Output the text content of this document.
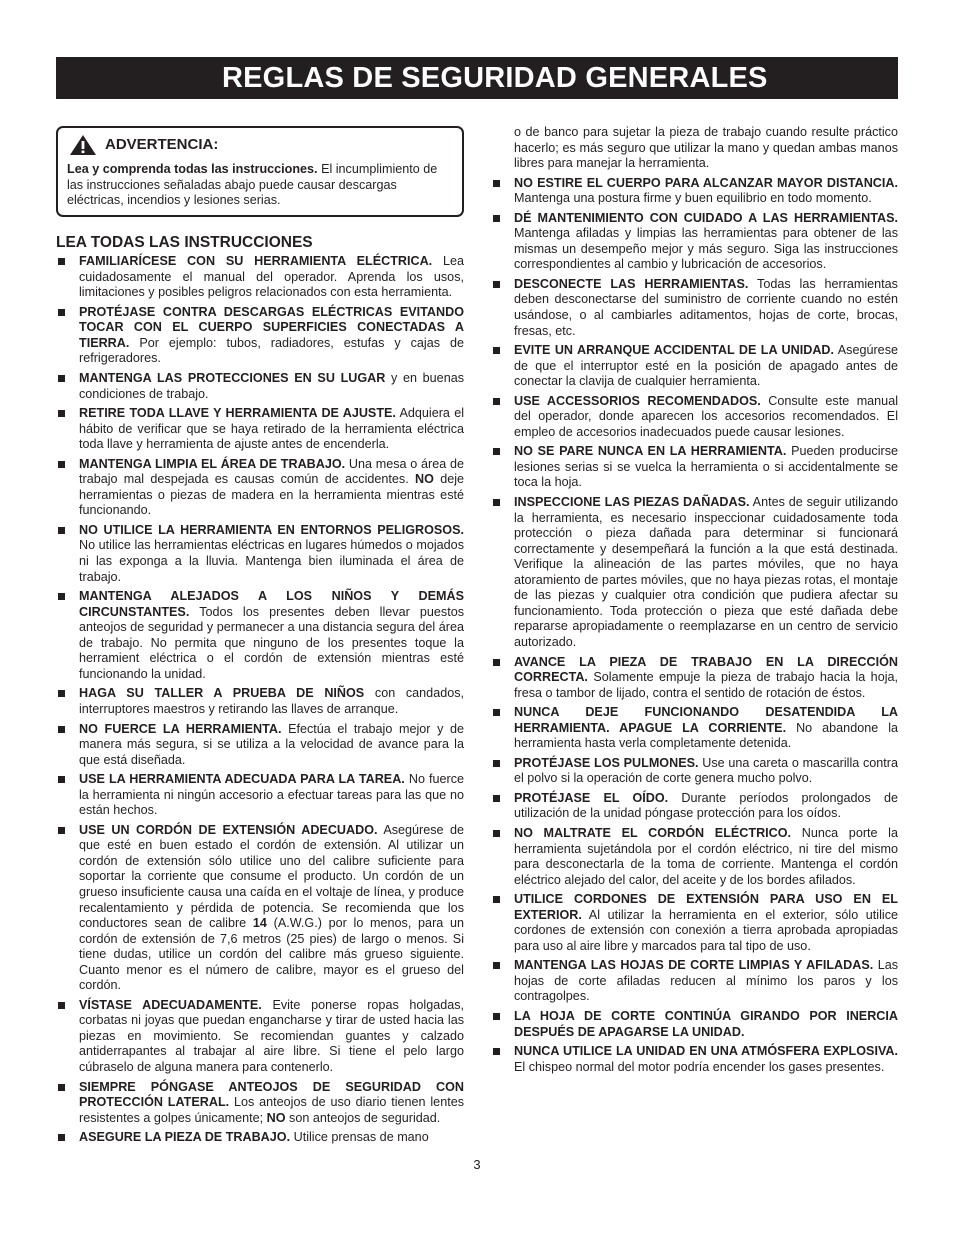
REGLAS DE SEGURIDAD GENERALES
ADVERTENCIA:
Lea y comprenda todas las instrucciones. El incumplimiento de las instrucciones señaladas abajo puede causar descargas eléctricas, incendios y lesiones serias.
LEA TODAS LAS INSTRUCCIONES
FAMILIARÍCESE CON SU HERRAMIENTA ELÉCTRICA. Lea cuidadosamente el manual del operador. Aprenda los usos, limitaciones y posibles peligros relacionados con esta herramienta.
PROTÉJASE CONTRA DESCARGAS ELÉCTRICAS EVITANDO TOCAR CON EL CUERPO SUPERFICIES CONECTADAS A TIERRA. Por ejemplo: tubos, radiadores, estufas y cajas de refrigeradores.
MANTENGA LAS PROTECCIONES EN SU LUGAR y en buenas condiciones de trabajo.
RETIRE TODA LLAVE Y HERRAMIENTA DE AJUSTE. Adquiera el hábito de verificar que se haya retirado de la herramienta eléctrica toda llave y herramienta de ajuste antes de encenderla.
MANTENGA LIMPIA EL ÁREA DE TRABAJO. Una mesa o área de trabajo mal despejada es causas común de accidentes. NO deje herramientas o piezas de madera en la herramienta mientras esté funcionando.
NO UTILICE LA HERRAMIENTA EN ENTORNOS PELIGROSOS. No utilice las herramientas eléctricas en lugares húmedos o mojados ni las exponga a la lluvia. Mantenga bien iluminada el área de trabajo.
MANTENGA ALEJADOS A LOS NIÑOS Y DEMÁS CIRCUNSTANTES. Todos los presentes deben llevar puestos anteojos de seguridad y permanecer a una distancia segura del área de trabajo. No permita que ninguno de los presentes toque la herramient eléctrica o el cordón de extensión mientras esté funcionando la unidad.
HAGA SU TALLER A PRUEBA DE NIÑOS con candados, interruptores maestros y retirando las llaves de arranque.
NO FUERCE LA HERRAMIENTA. Efectúa el trabajo mejor y de manera más segura, si se utiliza a la velocidad de avance para la que está diseñada.
USE LA HERRAMIENTA ADECUADA PARA LA TAREA. No fuerce la herramienta ni ningún accesorio a efectuar tareas para las que no están hechos.
USE UN CORDÓN DE EXTENSIÓN ADECUADO. Asegúrese de que esté en buen estado el cordón de extensión. Al utilizar un cordón de extensión sólo utilice uno del calibre suficiente para soportar la corriente que consume el producto. Un cordón de un grueso insuficiente causa una caída en el voltaje de línea, y produce recalentamiento y pérdida de potencia. Se recomienda que los conductores sean de calibre 14 (A.W.G.) por lo menos, para un cordón de extensión de 7,6 metros (25 pies) de largo o menos. Si tiene dudas, utilice un cordón del calibre más grueso siguiente. Cuanto menor es el número de calibre, mayor es el grueso del cordón.
VÍSTASE ADECUADAMENTE. Evite ponerse ropas holgadas, corbatas ni joyas que puedan engancharse y tirar de usted hacia las piezas en movimiento. Se recomiendan guantes y calzado antiderrapantes al trabajar al aire libre. Si tiene el pelo largo cúbraselo de alguna manera para contenerlo.
SIEMPRE PÓNGASE ANTEOJOS DE SEGURIDAD CON PROTECCIÓN LATERAL. Los anteojos de uso diario tienen lentes resistentes a golpes únicamente; NO son anteojos de seguridad.
ASEGURE LA PIEZA DE TRABAJO. Utilice prensas de mano
o de banco para sujetar la pieza de trabajo cuando resulte práctico hacerlo; es más seguro que utilizar la mano y quedan ambas manos libres para manejar la herramienta.
NO ESTIRE EL CUERPO PARA ALCANZAR MAYOR DISTANCIA. Mantenga una postura firme y buen equilibrio en todo momento.
DÉ MANTENIMIENTO CON CUIDADO A LAS HERRAMIENTAS. Mantenga afiladas y limpias las herramientas para obtener de las mismas un desempeño mejor y más seguro. Siga las instrucciones correspondientes al cambio y lubricación de accesorios.
DESCONECTE LAS HERRAMIENTAS. Todas las herramientas deben desconectarse del suministro de corriente cuando no estén usándose, o al cambiarles aditamentos, hojas de corte, brocas, fresas, etc.
EVITE UN ARRANQUE ACCIDENTAL DE LA UNIDAD. Asegúrese de que el interruptor esté en la posición de apagado antes de conectar la clavija de cualquier herramienta.
USE ACCESSORIOS RECOMENDADOS. Consulte este manual del operador, donde aparecen los accesorios recomendados. El empleo de accesorios inadecuados puede causar lesiones.
NO SE PARE NUNCA EN LA HERRAMIENTA. Pueden producirse lesiones serias si se vuelca la herramienta o si accidentalmente se toca la hoja.
INSPECCIONE LAS PIEZAS DAÑADAS. Antes de seguir utilizando la herramienta, es necesario inspeccionar cuidadosamente toda protección o pieza dañada para determinar si funcionará correctamente y desempeñará la función a la que está destinada. Verifique la alineación de las partes móviles, que no haya atoramiento de partes móviles, que no haya piezas rotas, el montaje de las piezas y cualquier otra condición que pudiera afectar su funcionamiento. Toda protección o pieza que esté dañada debe repararse apropiadamente o reemplazarse en un centro de servicio autorizado.
AVANCE LA PIEZA DE TRABAJO EN LA DIRECCIÓN CORRECTA. Solamente empuje la pieza de trabajo hacia la hoja, fresa o tambor de lijado, contra el sentido de rotación de éstos.
NUNCA DEJE FUNCIONANDO DESATENDIDA LA HERRAMIENTA. APAGUE LA CORRIENTE. No abandone la herramienta hasta verla completamente detenida.
PROTÉJASE LOS PULMONES. Use una careta o mascarilla contra el polvo si la operación de corte genera mucho polvo.
PROTÉJASE EL OÍDO. Durante períodos prolongados de utilización de la unidad póngase protección para los oídos.
NO MALTRATE EL CORDÓN ELÉCTRICO. Nunca porte la herramienta sujetándola por el cordón eléctrico, ni tire del mismo para desconectarla de la toma de corriente. Mantenga el cordón eléctrico alejado del calor, del aceite y de los bordes afilados.
UTILICE CORDONES DE EXTENSIÓN PARA USO EN EL EXTERIOR. Al utilizar la herramienta en el exterior, sólo utilice cordones de extensión con conexión a tierra aprobada apropiadas para uso al aire libre y marcados para tal tipo de uso.
MANTENGA LAS HOJAS DE CORTE LIMPIAS Y AFILADAS. Las hojas de corte afiladas reducen al mínimo los paros y los contragolpes.
LA HOJA DE CORTE CONTINÚA GIRANDO POR INERCIA DESPUÉS DE APAGARSE LA UNIDAD.
NUNCA UTILICE LA UNIDAD EN UNA ATMÓSFERA EXPLOSIVA. El chispeo normal del motor podría encender los gases presentes.
3
